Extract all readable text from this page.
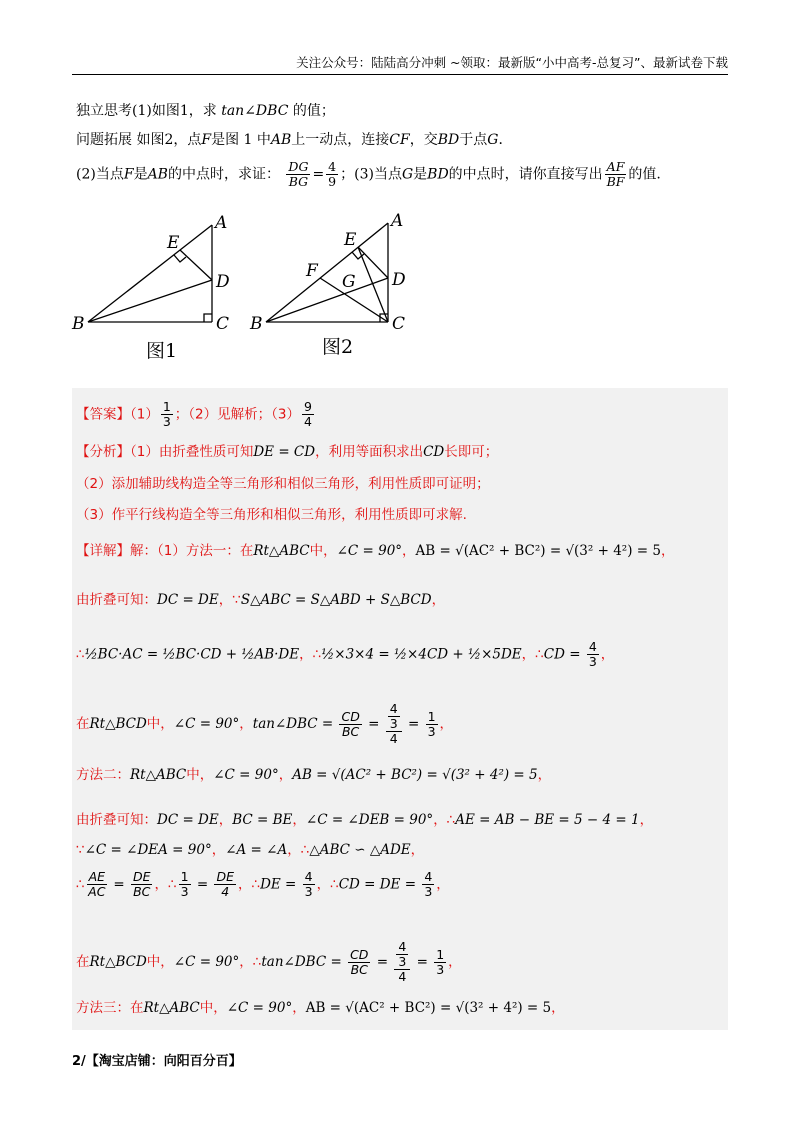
关注公众号：陆陆高分冲刺 ~领取：最新版“小中高考-总复习”、最新试卷下载
独立思考(1)如图1，求 tan∠DBC 的值；
问题拓展 如图2，点F是图 1 中AB上一动点，连接CF，交BD于点G．
(2)当点F是AB的中点时，求证： $\frac{DG}{BG} = \frac{4}{9}$ ；(3)当点G是BD的中点时，请你直接写出 $\frac{AF}{BF}$ 的值.
A
B	C
D
E
图1
A
B	C
D
E
F
G
图2
【答案】$(1) \frac{1}{3}$ ；（2）见解析；$(3) \frac{9}{4}$
【分析】（1）由折叠性质可知DE = CD，利用等面积求出CD长即可；
（2）添加辅助线构造全等三角形和相似三角形，利用性质即可证明；
（3）作平行线构造全等三角形和相似三角形，利用性质即可求解.
【详解】解：（1）方法一：在Rt△ABC中，∠C = 90°，AB = √(AC² + BC²) = √(3² + 4²) = 5，
由折叠可知：DC = DE，∵S△ABC = S△ABD + S△BCD，
∴½BC·AC = ½BC·CD + ½AB·DE，∴½×3×4 = ½×4CD + ½×5DE，∴CD = $\frac{4}{3}$ ，
在Rt△BCD中，∠C = 90°，tan∠DBC = $\frac{CD}{BC} = \frac{\frac{4}{3}}{4} = \frac{1}{3}$ ，
方法二：Rt△ABC中，∠C = 90°，AB = √(AC² + BC²) = √(3² + 4²) = 5，
由折叠可知：DC = DE，BC = BE，∠C = ∠DEB = 90°，∴AE = AB − BE = 5 − 4 = 1，
∵∠C = ∠DEA = 90°，∠A = ∠A，∴△ABC ∽ △ADE，
∴ $\frac{AE}{AC} = \frac{DE}{BC}$ ，∴ $\frac{1}{3} = \frac{DE}{4}$ ，∴DE = $\frac{4}{3}$ ，∴CD = DE = $\frac{4}{3}$ ，
在Rt△BCD中，∠C = 90°，∴tan∠DBC = $\frac{CD}{BC} = \frac{\frac{4}{3}}{4} = \frac{1}{3}$ ，
方法三：在Rt△ABC中，∠C = 90°，AB = √(AC² + BC²) = √(3² + 4²) = 5，
2/【淘宝店铺：向阳百分百】
